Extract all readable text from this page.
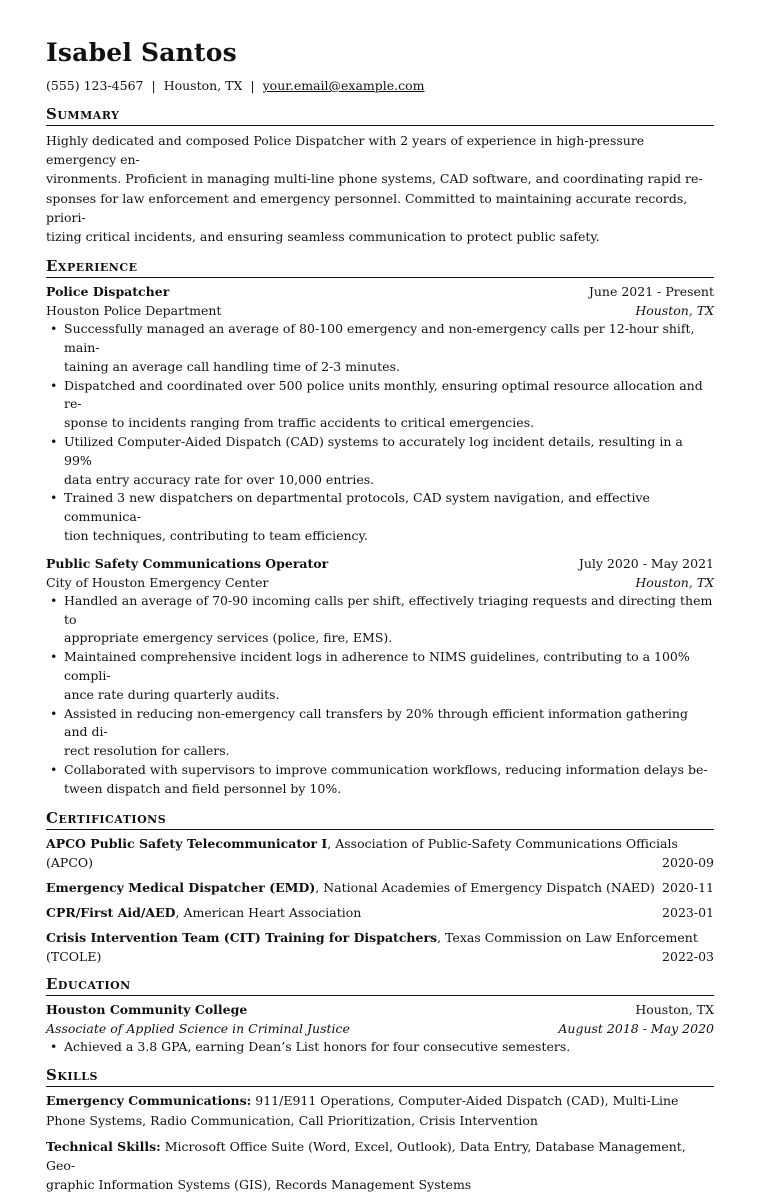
Isabel Santos
(555) 123-4567 | Houston, TX | your.email@example.com
Summary
Highly dedicated and composed Police Dispatcher with 2 years of experience in high-pressure emergency en-
vironments. Proficient in managing multi-line phone systems, CAD software, and coordinating rapid re-
sponses for law enforcement and emergency personnel. Committed to maintaining accurate records, priori-
tizing critical incidents, and ensuring seamless communication to protect public safety.
Experience
Police Dispatcher	June 2021 - Present
Houston Police Department	Houston, TX
• Successfully managed an average of 80-100 emergency and non-emergency calls per 12-hour shift, main-
taining an average call handling time of 2-3 minutes.
• Dispatched and coordinated over 500 police units monthly, ensuring optimal resource allocation and re-
sponse to incidents ranging from traffic accidents to critical emergencies.
• Utilized Computer-Aided Dispatch (CAD) systems to accurately log incident details, resulting in a 99%
data entry accuracy rate for over 10,000 entries.
• Trained 3 new dispatchers on departmental protocols, CAD system navigation, and effective communica-
tion techniques, contributing to team efficiency.
Public Safety Communications Operator	July 2020 - May 2021
City of Houston Emergency Center	Houston, TX
• Handled an average of 70-90 incoming calls per shift, effectively triaging requests and directing them to
appropriate emergency services (police, fire, EMS).
• Maintained comprehensive incident logs in adherence to NIMS guidelines, contributing to a 100% compli-
ance rate during quarterly audits.
• Assisted in reducing non-emergency call transfers by 20% through efficient information gathering and di-
rect resolution for callers.
• Collaborated with supervisors to improve communication workflows, reducing information delays be-
tween dispatch and field personnel by 10%.
Certifications
APCO Public Safety Telecommunicator I, Association of Public-Safety Communications Officials
(APCO)	2020-09
Emergency Medical Dispatcher (EMD), National Academies of Emergency Dispatch (NAED) 2020-11
CPR/First Aid/AED, American Heart Association	2023-01
Crisis Intervention Team (CIT) Training for Dispatchers, Texas Commission on Law Enforcement
(TCOLE)	2022-03
Education
Houston Community College	Houston, TX
Associate of Applied Science in Criminal Justice	August 2018 - May 2020
• Achieved a 3.8 GPA, earning Dean’s List honors for four consecutive semesters.
Skills
Emergency Communications: 911/E911 Operations, Computer-Aided Dispatch (CAD), Multi-Line
Phone Systems, Radio Communication, Call Prioritization, Crisis Intervention
Technical Skills: Microsoft Office Suite (Word, Excel, Outlook), Data Entry, Database Management, Geo-
graphic Information Systems (GIS), Records Management Systems
